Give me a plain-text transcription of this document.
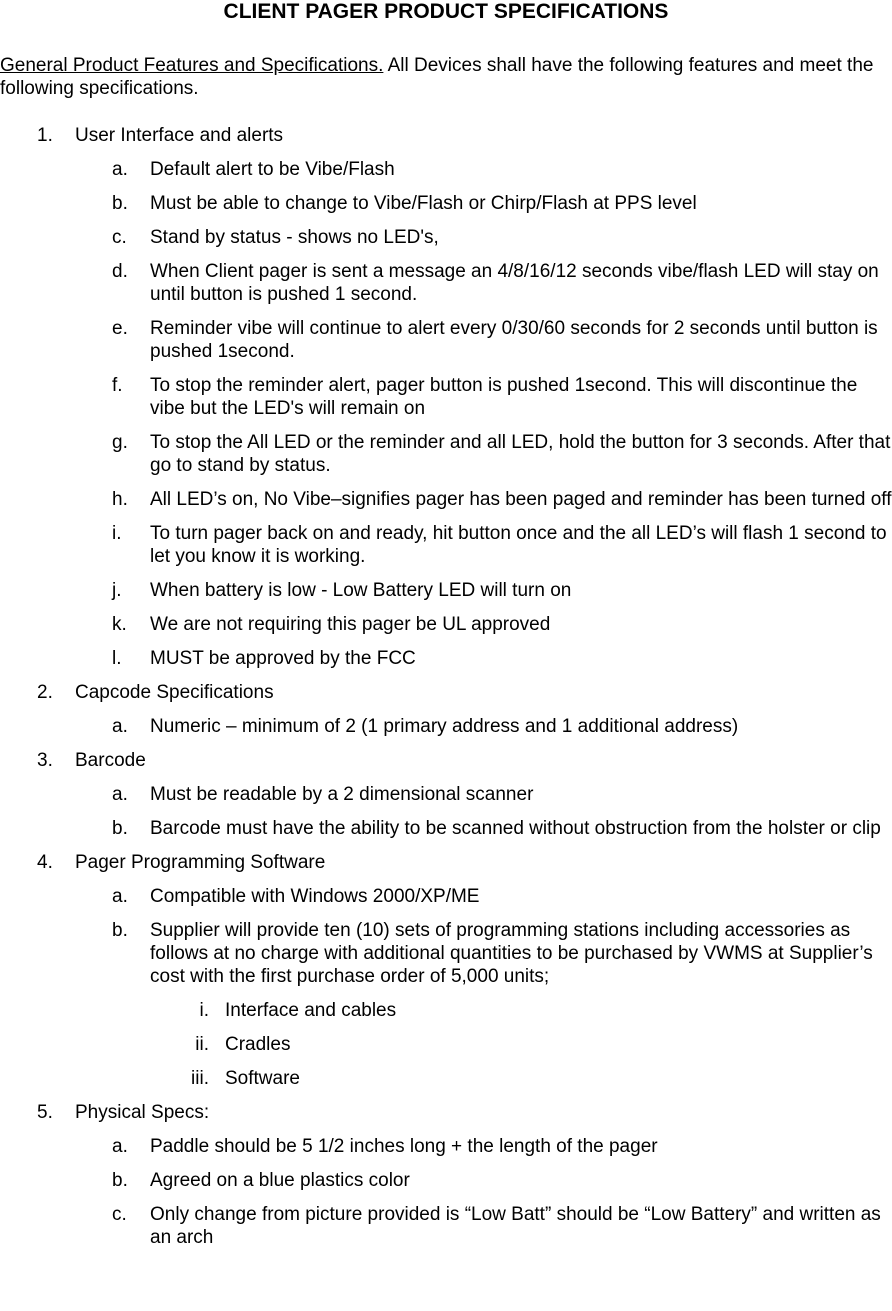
CLIENT PAGER PRODUCT SPECIFICATIONS

General Product Features and Specifications. All Devices shall have the following features and meet the following specifications.

1. User Interface and alerts
a. Default alert to be Vibe/Flash
b. Must be able to change to Vibe/Flash or Chirp/Flash at PPS level
c. Stand by status - shows no LED's,
d. When Client pager is sent a message an 4/8/16/12 seconds vibe/flash LED will stay on until button is pushed 1 second.
e. Reminder vibe will continue to alert every 0/30/60 seconds for 2 seconds until button is pushed 1second.
f. To stop the reminder alert, pager button is pushed 1second. This will discontinue the vibe but the LED's will remain on
g. To stop the All LED or the reminder and all LED, hold the button for 3 seconds. After that go to stand by status.
h. All LED’s on, No Vibe–signifies pager has been paged and reminder has been turned off
i. To turn pager back on and ready, hit button once and the all LED’s will flash 1 second to let you know it is working.
j. When battery is low - Low Battery LED will turn on
k. We are not requiring this pager be UL approved
l. MUST be approved by the FCC
2. Capcode Specifications
a. Numeric – minimum of 2 (1 primary address and 1 additional address)
3. Barcode
a. Must be readable by a 2 dimensional scanner
b. Barcode must have the ability to be scanned without obstruction from the holster or clip
4. Pager Programming Software
a. Compatible with Windows 2000/XP/ME
b. Supplier will provide ten (10) sets of programming stations including accessories as follows at no charge with additional quantities to be purchased by VWMS at Supplier’s cost with the first purchase order of 5,000 units;
i. Interface and cables
ii. Cradles
iii. Software
5. Physical Specs:
a. Paddle should be 5 1/2 inches long + the length of the pager
b. Agreed on a blue plastics color
c. Only change from picture provided is “Low Batt” should be “Low Battery” and written as an arch
